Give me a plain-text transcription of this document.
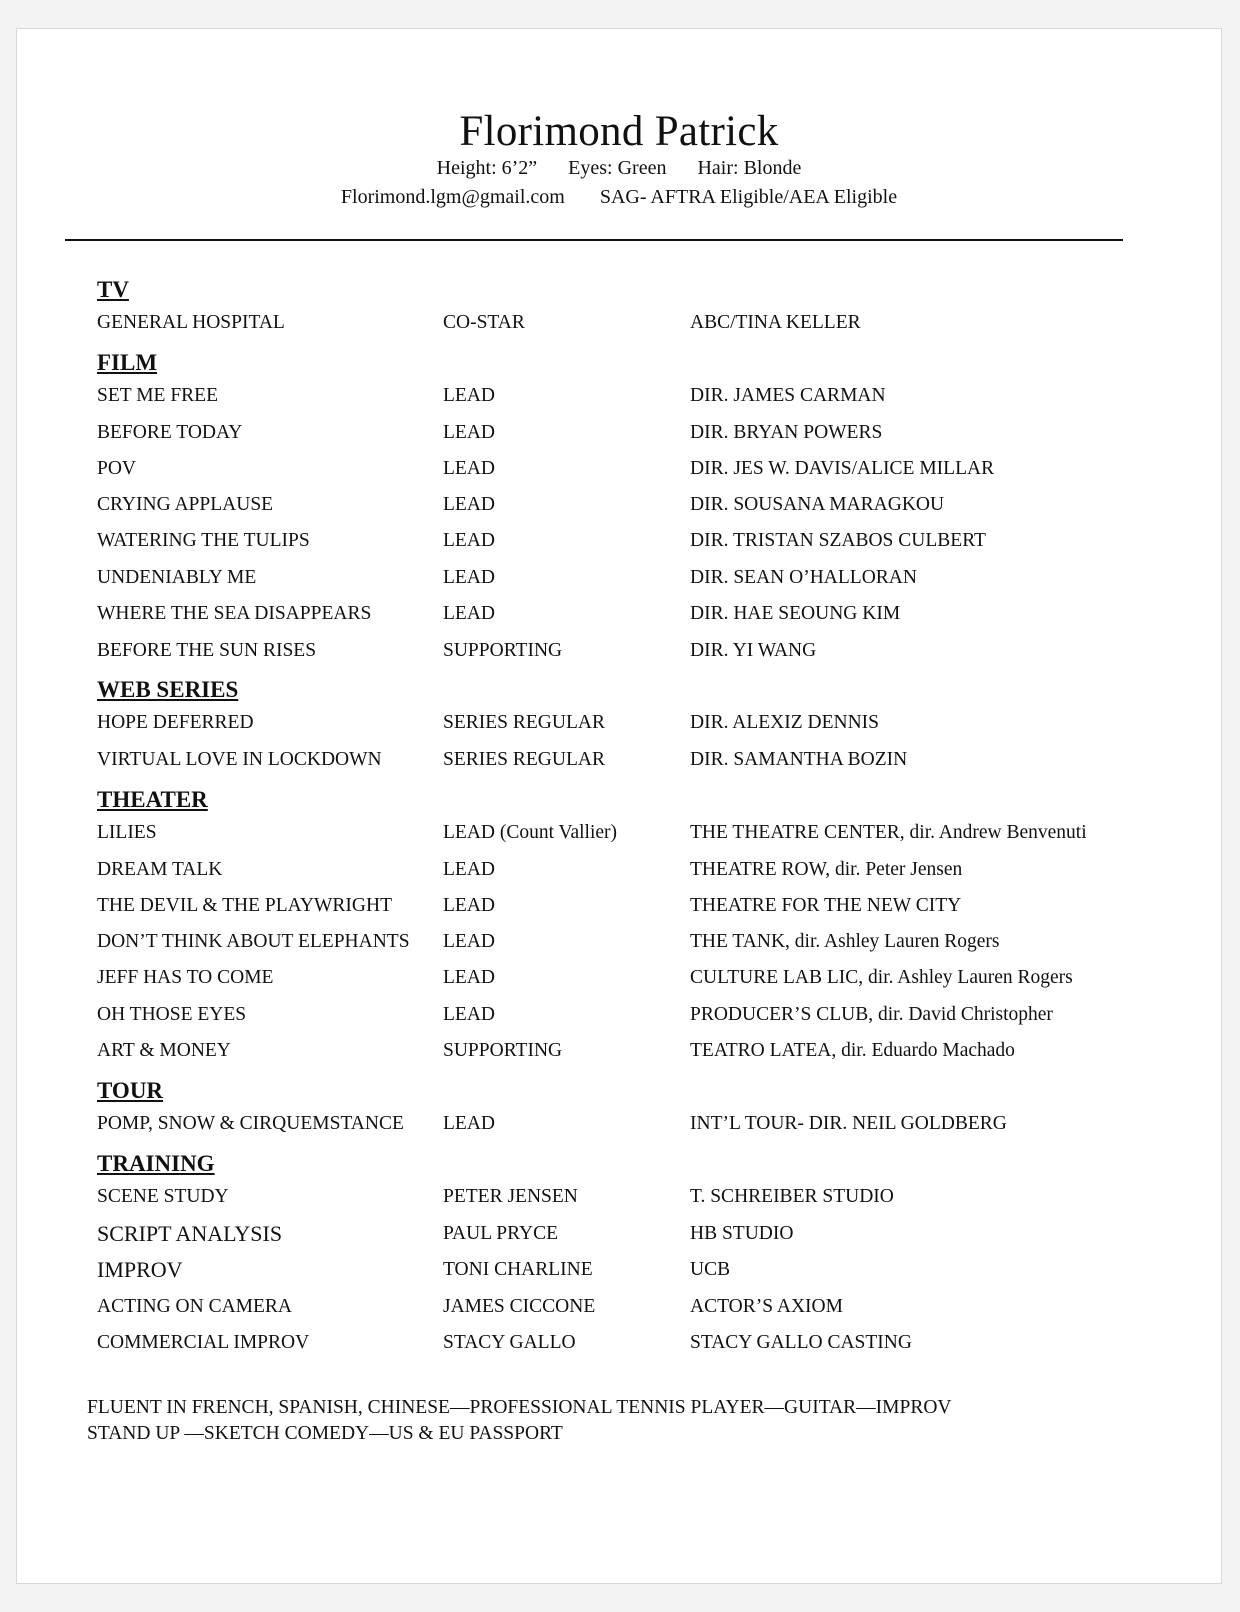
Florimond Patrick
Height: 6’2” Eyes: Green Hair: Blonde
Florimond.lgm@gmail.com SAG- AFTRA Eligible/AEA Eligible
TV
GENERAL HOSPITAL	CO-STAR	ABC/TINA KELLER
FILM
SET ME FREE	LEAD	DIR. JAMES CARMAN
BEFORE TODAY	LEAD	DIR. BRYAN POWERS
POV	LEAD	DIR. JES W. DAVIS/ALICE MILLAR
CRYING APPLAUSE	LEAD	DIR. SOUSANA MARAGKOU
WATERING THE TULIPS	LEAD	DIR. TRISTAN SZABOS CULBERT
UNDENIABLY ME	LEAD	DIR. SEAN O’HALLORAN
WHERE THE SEA DISAPPEARS	LEAD	DIR. HAE SEOUNG KIM
BEFORE THE SUN RISES	SUPPORTING	DIR. YI WANG
WEB SERIES
HOPE DEFERRED	SERIES REGULAR	DIR. ALEXIZ DENNIS
VIRTUAL LOVE IN LOCKDOWN	SERIES REGULAR	DIR. SAMANTHA BOZIN
THEATER
LILIES	LEAD (Count Vallier)	THE THEATRE CENTER, dir. Andrew Benvenuti
DREAM TALK	LEAD	THEATRE ROW, dir. Peter Jensen
THE DEVIL & THE PLAYWRIGHT	LEAD	THEATRE FOR THE NEW CITY
DON’T THINK ABOUT ELEPHANTS LEAD	THE TANK, dir. Ashley Lauren Rogers
JEFF HAS TO COME	LEAD	CULTURE LAB LIC, dir. Ashley Lauren Rogers
OH THOSE EYES	LEAD	PRODUCER’S CLUB, dir. David Christopher
ART & MONEY	SUPPORTING	TEATRO LATEA, dir. Eduardo Machado
TOUR
POMP, SNOW & CIRQUEMSTANCE LEAD	INT’L TOUR- DIR. NEIL GOLDBERG
TRAINING
SCENE STUDY	PETER JENSEN	T. SCHREIBER STUDIO
SCRIPT ANALYSIS	PAUL PRYCE	HB STUDIO
IMPROV	TONI CHARLINE	UCB
ACTING ON CAMERA	JAMES CICCONE	ACTOR’S AXIOM
COMMERCIAL IMPROV	STACY GALLO	STACY GALLO CASTING
FLUENT IN FRENCH, SPANISH, CHINESE—PROFESSIONAL TENNIS PLAYER—GUITAR—IMPROV
STAND UP —SKETCH COMEDY—US & EU PASSPORT
